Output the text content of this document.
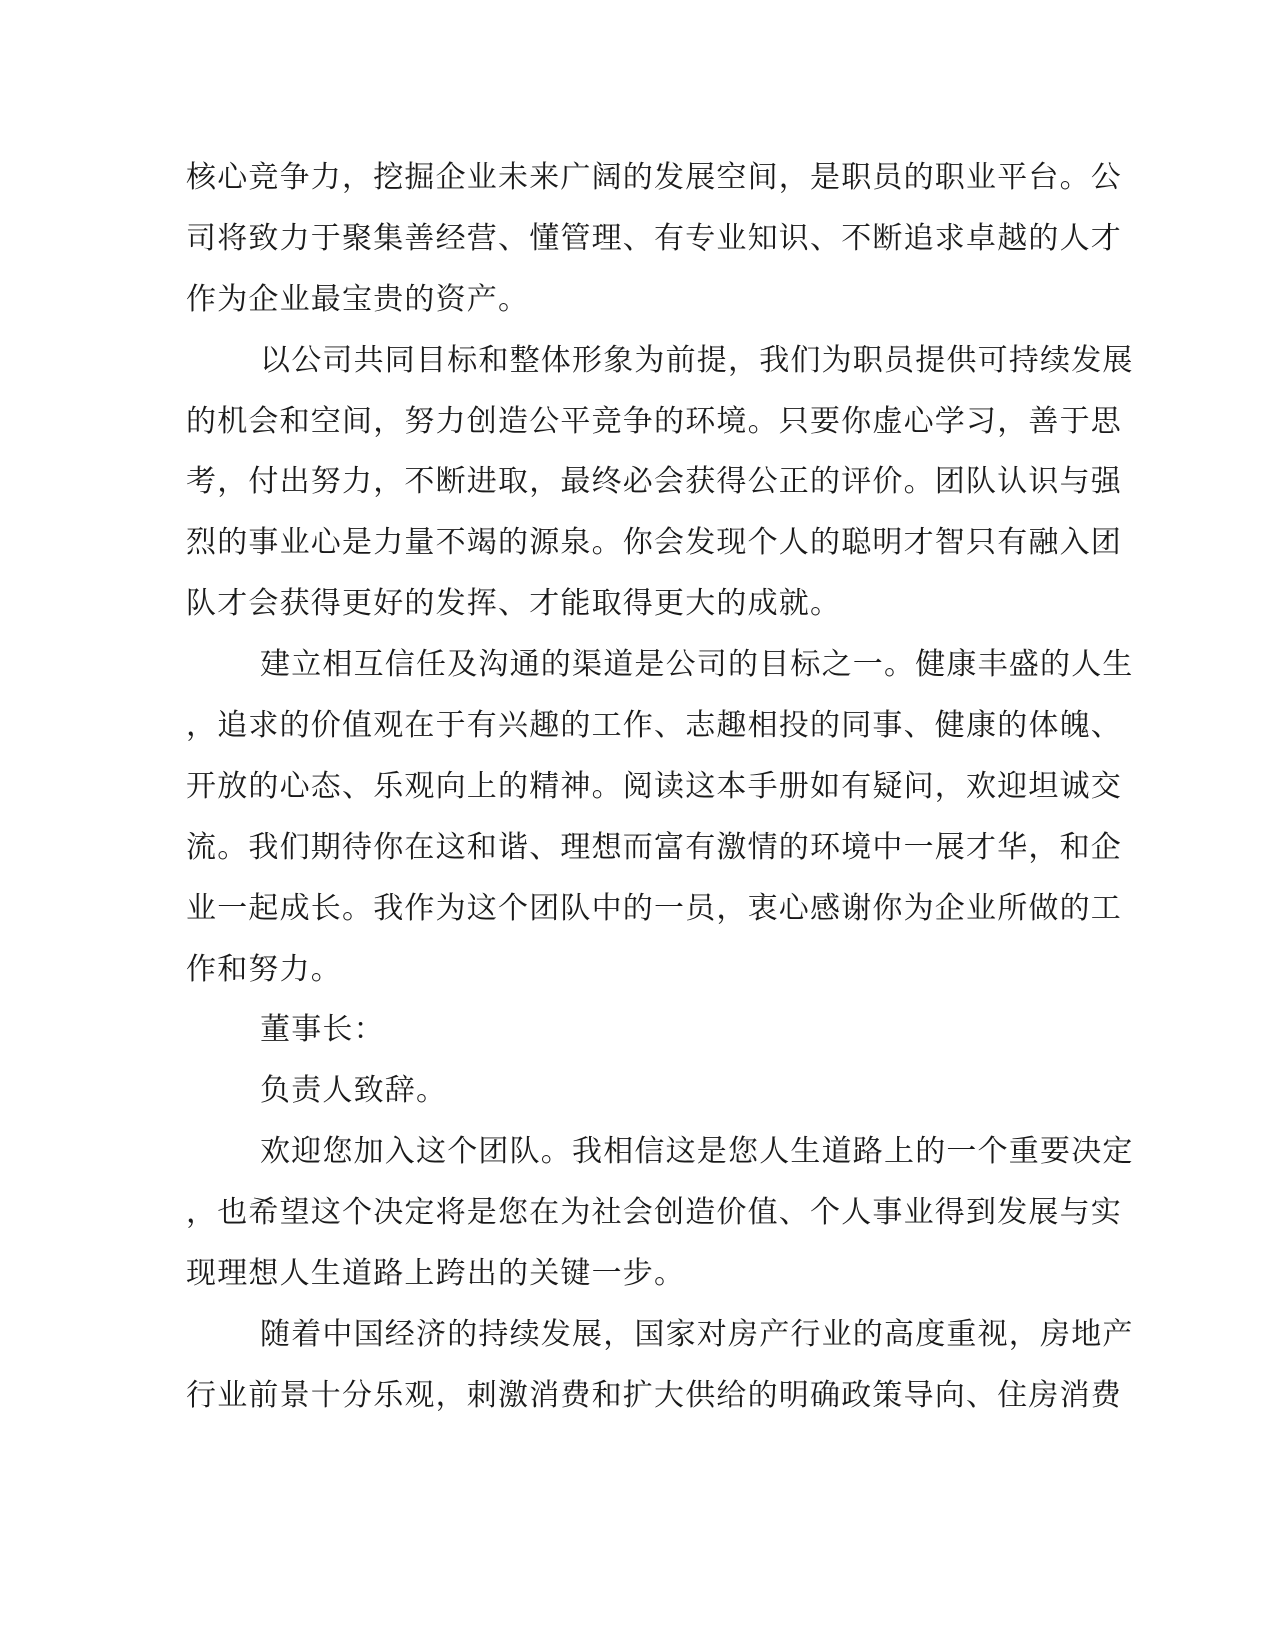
核心竞争力，挖掘企业未来广阔的发展空间，是职员的职业平台。公
司将致力于聚集善经营、懂管理、有专业知识、不断追求卓越的人才
作为企业最宝贵的资产。
以公司共同目标和整体形象为前提，我们为职员提供可持续发展
的机会和空间，努力创造公平竞争的环境。只要你虚心学习，善于思
考，付出努力，不断进取，最终必会获得公正的评价。团队认识与强
烈的事业心是力量不竭的源泉。你会发现个人的聪明才智只有融入团
队才会获得更好的发挥、才能取得更大的成就。
建立相互信任及沟通的渠道是公司的目标之一。健康丰盛的人生
，追求的价值观在于有兴趣的工作、志趣相投的同事、健康的体魄、
开放的心态、乐观向上的精神。阅读这本手册如有疑问，欢迎坦诚交
流。我们期待你在这和谐、理想而富有激情的环境中一展才华，和企
业一起成长。我作为这个团队中的一员，衷心感谢你为企业所做的工
作和努力。
董事长：
负责人致辞。
欢迎您加入这个团队。我相信这是您人生道路上的一个重要决定
，也希望这个决定将是您在为社会创造价值、个人事业得到发展与实
现理想人生道路上跨出的关键一步。
随着中国经济的持续发展，国家对房产行业的高度重视，房地产
行业前景十分乐观，刺激消费和扩大供给的明确政策导向、住房消费
